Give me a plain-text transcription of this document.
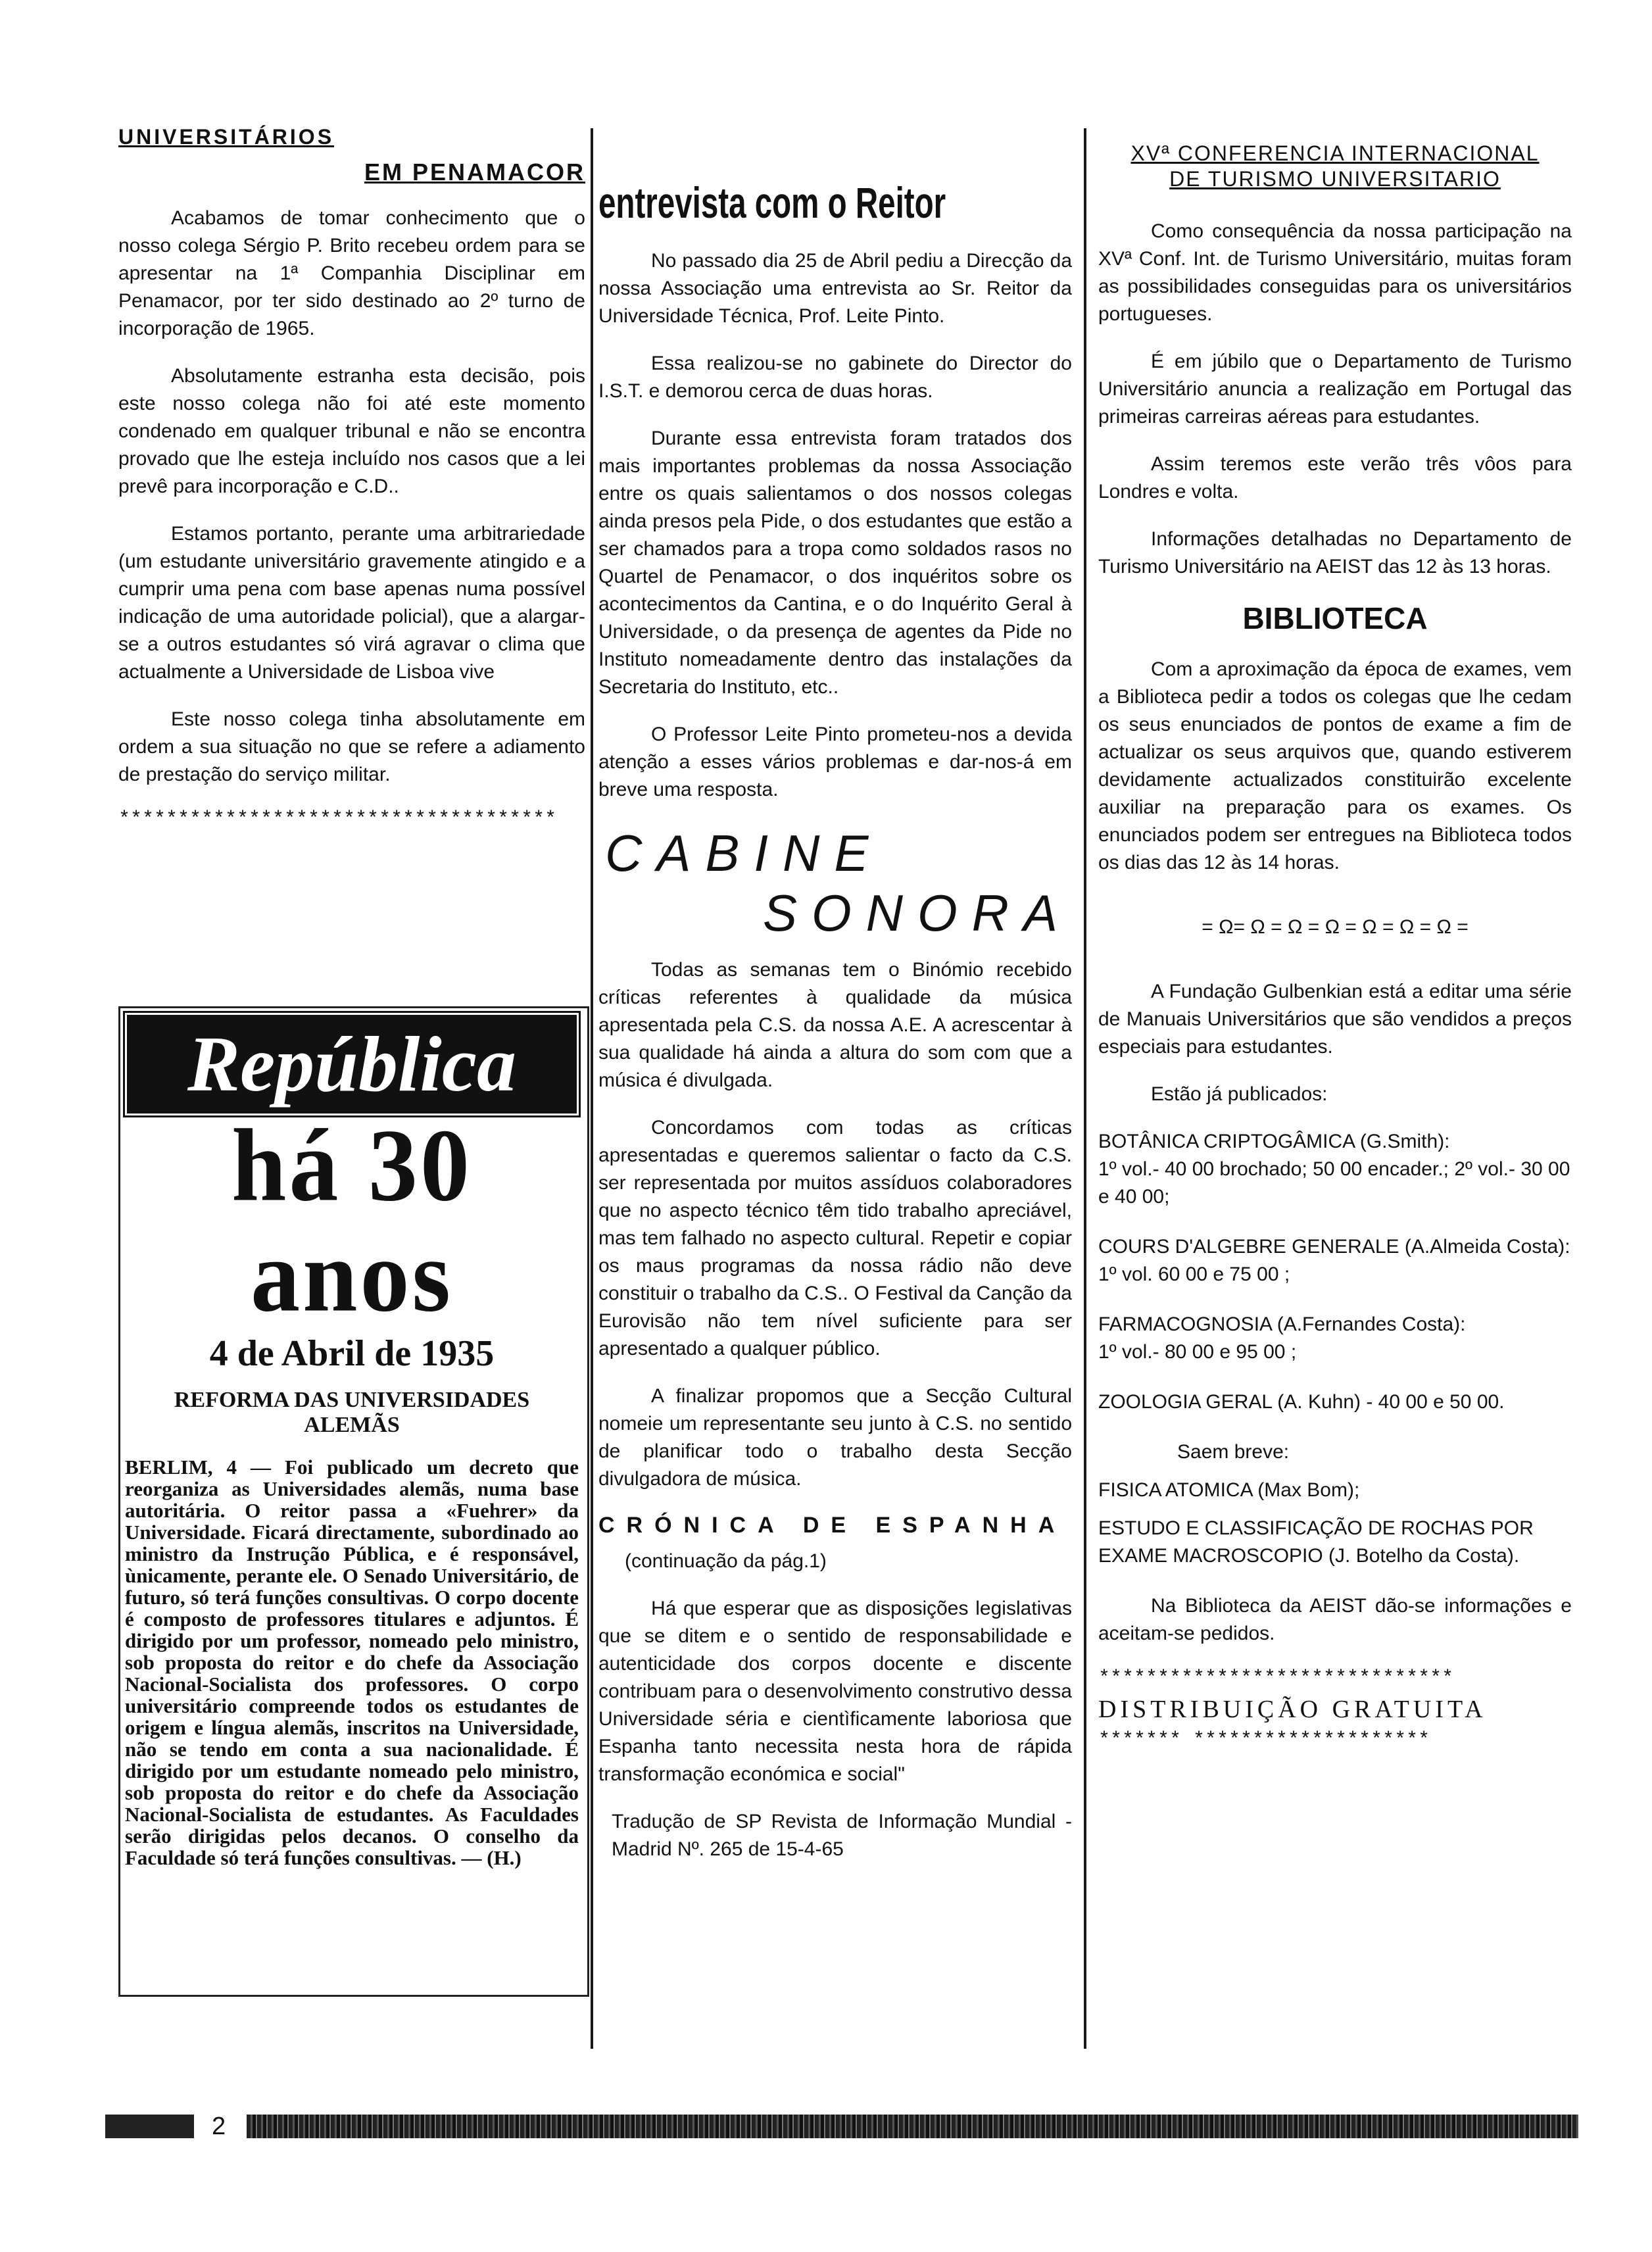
UNIVERSITÁRIOS
EM PENAMACOR

Acabamos de tomar conhecimento que o nosso colega Sérgio P. Brito recebeu ordem para se apresentar na 1ª Companhia Disciplinar em Penamacor, por ter sido destinado ao 2º turno de incorporação de 1965.

Absolutamente estranha esta decisão, pois este nosso colega não foi até este momento condenado em qualquer tribunal e não se encontra provado que lhe esteja incluído nos casos que a lei prevê para incorporação e C.D..

Estamos portanto, perante uma arbitrariedade (um estudante universitário gravemente atingido e a cumprir uma pena com base apenas numa possível indicação de uma autoridade policial), que a alargar-se a outros estudantes só virá agravar o clima que actualmente a Universidade de Lisboa vive

Este nosso colega tinha absolutamente em ordem a sua situação no que se refere a adiamento de prestação do serviço militar.

*************************************
República
há 30 anos
4 de Abril de 1935
REFORMA DAS UNIVERSIDADES ALEMÃS

BERLIM, 4 — Foi publicado um decreto que reorganiza as Universidades alemãs, numa base autoritária. O reitor passa a «Fuehrer» da Universidade. Ficará directamente, subordinado ao ministro da Instrução Pública, e é responsável, ùnicamente, perante ele. O Senado Universitário, de futuro, só terá funções consultivas. O corpo docente é composto de professores titulares e adjuntos. É dirigido por um professor, nomeado pelo ministro, sob proposta do reitor e do chefe da Associação Nacional-Socialista dos professores. O corpo universitário compreende todos os estudantes de origem e língua alemãs, inscritos na Universidade, não se tendo em conta a sua nacionalidade. É dirigido por um estudante nomeado pelo ministro, sob proposta do reitor e do chefe da Associação Nacional-Socialista de estudantes. As Faculdades serão dirigidas pelos decanos. O conselho da Faculdade só terá funções consultivas. — (H.)

entrevista com o Reitor

No passado dia 25 de Abril pediu a Direcção da nossa Associação uma entrevista ao Sr. Reitor da Universidade Técnica, Prof. Leite Pinto.

Essa realizou-se no gabinete do Director do I.S.T. e demorou cerca de duas horas.

Durante essa entrevista foram tratados dos mais importantes problemas da nossa Associação entre os quais salientamos o dos nossos colegas ainda presos pela Pide, o dos estudantes que estão a ser chamados para a tropa como soldados rasos no Quartel de Penamacor, o dos inquéritos sobre os acontecimentos da Cantina, e o do Inquérito Geral à Universidade, o da presença de agentes da Pide no Instituto nomeadamente dentro das instalações da Secretaria do Instituto, etc..

O Professor Leite Pinto prometeu-nos a devida atenção a esses vários problemas e dar-nos-á em breve uma resposta.

CABINE
SONORA

Todas as semanas tem o Binómio recebido críticas referentes à qualidade da música apresentada pela C.S. da nossa A.E. A acrescentar à sua qualidade há ainda a altura do som com que a música é divulgada.

Concordamos com todas as críticas apresentadas e queremos salientar o facto da C.S. ser representada por muitos assíduos colaboradores que no aspecto técnico têm tido trabalho apreciável, mas tem falhado no aspecto cultural. Repetir e copiar os maus programas da nossa rádio não deve constituir o trabalho da C.S.. O Festival da Canção da Eurovisão não tem nível suficiente para ser apresentado a qualquer público.

A finalizar propomos que a Secção Cultural nomeie um representante seu junto à C.S. no sentido de planificar todo o trabalho desta Secção divulgadora de música.

CRÓNICA DE ESPANHA

(continuação da pág.1)

Há que esperar que as disposições legislativas que se ditem e o sentido de responsabilidade e autenticidade dos corpos docente e discente contribuam para o desenvolvimento construtivo dessa Universidade séria e cientìficamente laboriosa que Espanha tanto necessita nesta hora de rápida transformação económica e social"

Tradução de SP Revista de Informação Mundial - Madrid Nº. 265 de 15-4-65

XVª CONFERENCIA INTERNACIONAL
DE TURISMO UNIVERSITARIO

Como consequência da nossa participação na XVª Conf. Int. de Turismo Universitário, muitas foram as possibilidades conseguidas para os universitários portugueses.

É em júbilo que o Departamento de Turismo Universitário anuncia a realização em Portugal das primeiras carreiras aéreas para estudantes.

Assim teremos este verão três vôos para Londres e volta.

Informações detalhadas no Departamento de Turismo Universitário na AEIST das 12 às 13 horas.

BIBLIOTECA

Com a aproximação da época de exames, vem a Biblioteca pedir a todos os colegas que lhe cedam os seus enunciados de pontos de exame a fim de actualizar os seus arquivos que, quando estiverem devidamente actualizados constituirão excelente auxiliar na preparação para os exames. Os enunciados podem ser entregues na Biblioteca todos os dias das 12 às 14 horas.

= Ω= Ω = Ω = Ω = Ω = Ω = Ω =

A Fundação Gulbenkian está a editar uma série de Manuais Universitários que são vendidos a preços especiais para estudantes.

Estão já publicados:

BOTÂNICA CRIPTOGÂMICA (G.Smith):
1º vol.- 40 00 brochado; 50 00 encader.; 2º vol.- 30 00 e 40 00;
COURS D'ALGEBRE GENERALE (A.Almeida Costa):
1º vol. 60 00 e 75 00 ;
FARMACOGNOSIA (A.Fernandes Costa):
1º vol.- 80 00 e 95 00 ;
ZOOLOGIA GERAL (A. Kuhn) - 40 00 e 50 00.

Saem breve:

FISICA ATOMICA (Max Bom);
ESTUDO E CLASSIFICAÇÃO DE ROCHAS POR EXAME MACROSCOPIO (J. Botelho da Costa).

Na Biblioteca da AEIST dão-se informações e aceitam-se pedidos.

******************************
DISTRIBUIÇÃO GRATUITA
******* ********************
2
